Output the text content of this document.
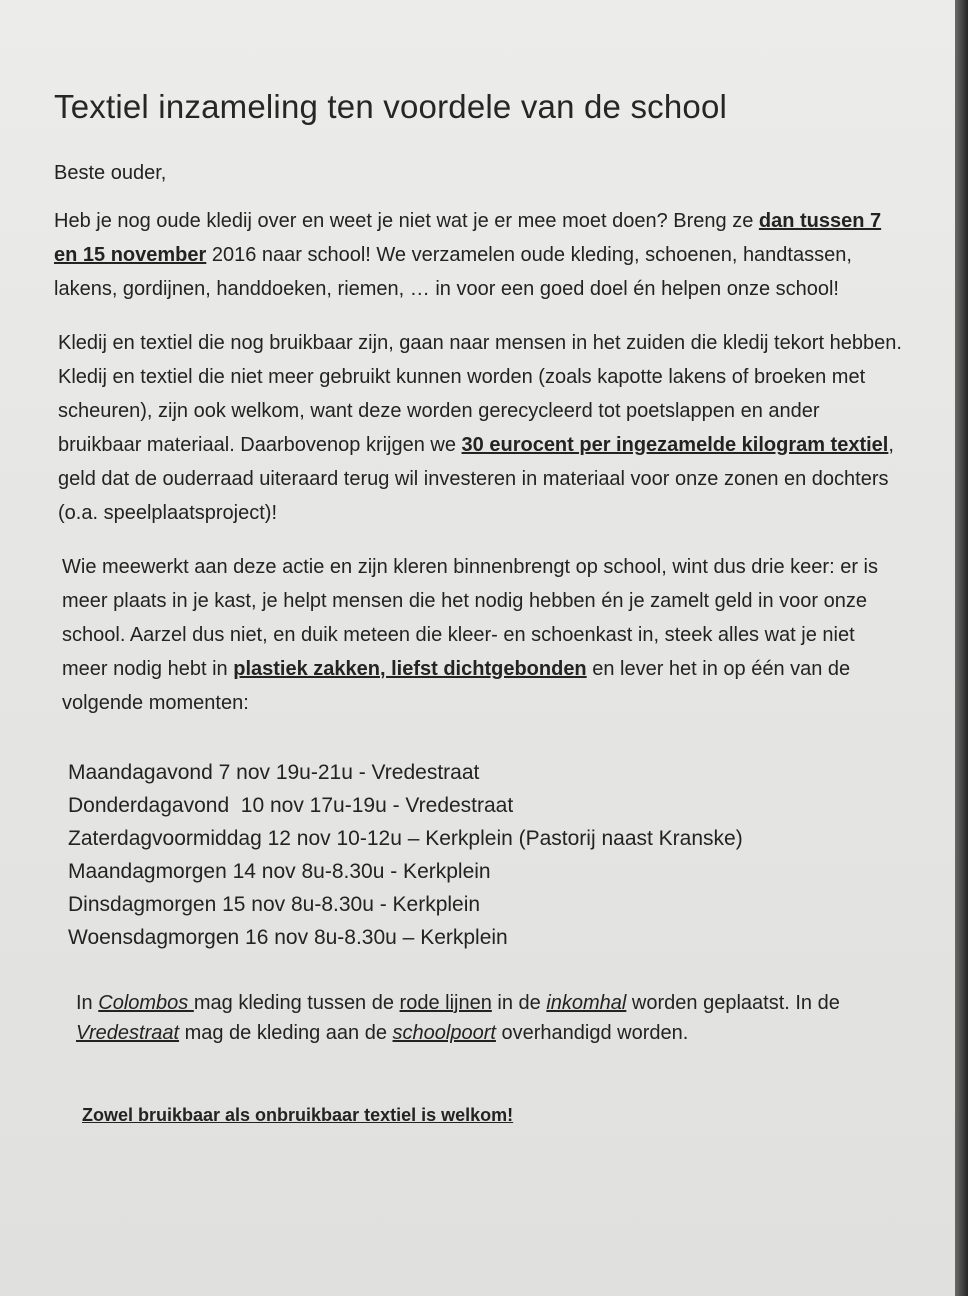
Textiel inzameling ten voordele van de school

Beste ouder,

Heb je nog oude kledij over en weet je niet wat je er mee moet doen? Breng ze dan tussen 7 en 15 november 2016 naar school! We verzamelen oude kleding, schoenen, handtassen, lakens, gordijnen, handdoeken, riemen, … in voor een goed doel én helpen onze school!

Kledij en textiel die nog bruikbaar zijn, gaan naar mensen in het zuiden die kledij tekort hebben. Kledij en textiel die niet meer gebruikt kunnen worden (zoals kapotte lakens of broeken met scheuren), zijn ook welkom, want deze worden gerecycleerd tot poetslappen en ander bruikbaar materiaal. Daarbovenop krijgen we 30 eurocent per ingezamelde kilogram textiel, geld dat de ouderraad uiteraard terug wil investeren in materiaal voor onze zonen en dochters (o.a. speelplaatsproject)!

Wie meewerkt aan deze actie en zijn kleren binnenbrengt op school, wint dus drie keer: er is meer plaats in je kast, je helpt mensen die het nodig hebben én je zamelt geld in voor onze school. Aarzel dus niet, en duik meteen die kleer- en schoenkast in, steek alles wat je niet meer nodig hebt in plastiek zakken, liefst dichtgebonden en lever het in op één van de volgende momenten:

Maandagavond 7 nov 19u-21u - Vredestraat
Donderdagavond  10 nov 17u-19u - Vredestraat
Zaterdagvoormiddag 12 nov 10-12u – Kerkplein (Pastorij naast Kranske)
Maandagmorgen 14 nov 8u-8.30u - Kerkplein
Dinsdagmorgen 15 nov 8u-8.30u - Kerkplein
Woensdagmorgen 16 nov 8u-8.30u – Kerkplein

In Colombos mag kleding tussen de rode lijnen in de inkomhal worden geplaatst. In de Vredestraat mag de kleding aan de schoolpoort overhandigd worden.

Zowel bruikbaar als onbruikbaar textiel is welkom!
